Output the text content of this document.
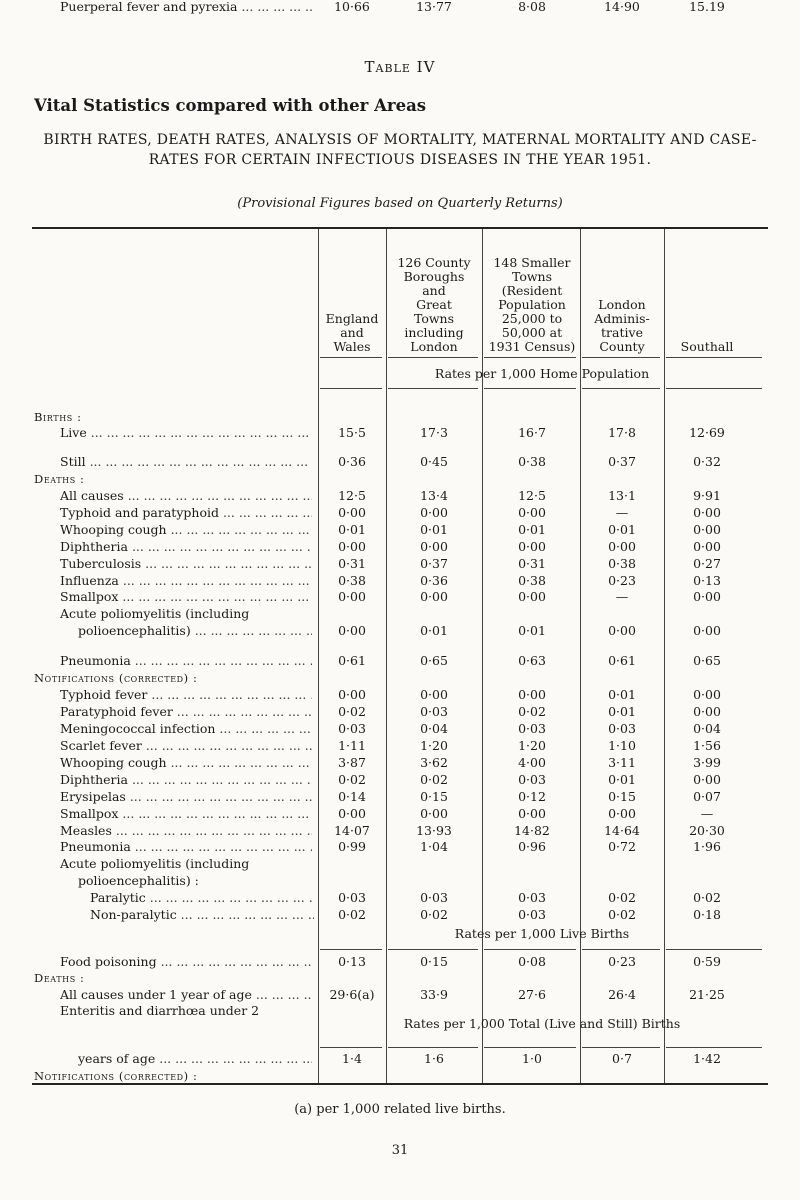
Table IV
Vital Statistics compared with other Areas
BIRTH RATES, DEATH RATES, ANALYSIS OF MORTALITY, MATERNAL MORTALITY AND CASE-RATES FOR CERTAIN INFECTIOUS DISEASES IN THE YEAR 1951.
(Provisional Figures based on Quarterly Returns)
England
and
Wales
126 County
Boroughs
and
Great
Towns
including
London
148 Smaller
Towns
(Resident
Population
25,000 to
50,000 at
1931 Census)
London
Adminis-
trative
County	Southall
Rates per 1,000 Home Population
Rates per 1,000 Live Births
Rates per 1,000 Total (Live and Still) Births
Births :
Live ... .	15·5	17·3	16·7	17·8	12·69
Still ... .	0·36	0·45	0·38	0·37	0·32
Deaths :
All causes ... .	12·5	13·4	12·5	13·1	9·91
Typhoid and paratyphoid ... .	0·00	0·00	0·00	—	0·00
Whooping cough ... .	0·01	0·01	0·01	0·01	0·00
Diphtheria ... .	0·00	0·00	0·00	0·00	0·00
Tuberculosis ... .	0·31	0·37	0·31	0·38	0·27
Influenza ... .	0·38	0·36	0·38	0·23	0·13
Smallpox ... .	0·00	0·00	0·00	—	0·00
Acute poliomyelitis (including
polioencephalitis) ... .	0·00	0·01	0·01	0·00	0·00
Pneumonia ... .	0·61	0·65	0·63	0·61	0·65
Notifications (corrected) :
Typhoid fever ... .	0·00	0·00	0·00	0·01	0·00
Paratyphoid fever ... .	0·02	0·03	0·02	0·01	0·00
Meningococcal infection ... .	0·03	0·04	0·03	0·03	0·04
Scarlet fever ... .	1·11	1·20	1·20	1·10	1·56
Whooping cough ... .	3·87	3·62	4·00	3·11	3·99
Diphtheria ... .	0·02	0·02	0·03	0·01	0·00
Erysipelas ... .	0·14	0·15	0·12	0·15	0·07
Smallpox ... .	0·00	0·00	0·00	0·00	—
Measles ... .	14·07	13·93	14·82	14·64	20·30
Pneumonia ... .	0·99	1·04	0·96	0·72	1·96
Acute poliomyelitis (including
polioencephalitis) :
Paralytic ... .	0·03	0·03	0·03	0·02	0·02
Non-paralytic ... .	0·02	0·02	0·03	0·02	0·18
Food poisoning ... .	0·13	0·15	0·08	0·23	0·59
Deaths :
All causes under 1 year of age ... .	29·6(a)	33·9	27·6	26·4	21·25
Enteritis and diarrhœa under 2
years of age ... .	1·4	1·6	1·0	0·7	1·42
Notifications (corrected) :
Puerperal fever and pyrexia ... .	10·66	13·77	8·08	14·90	15.19
(a) per 1,000 related live births.
31
